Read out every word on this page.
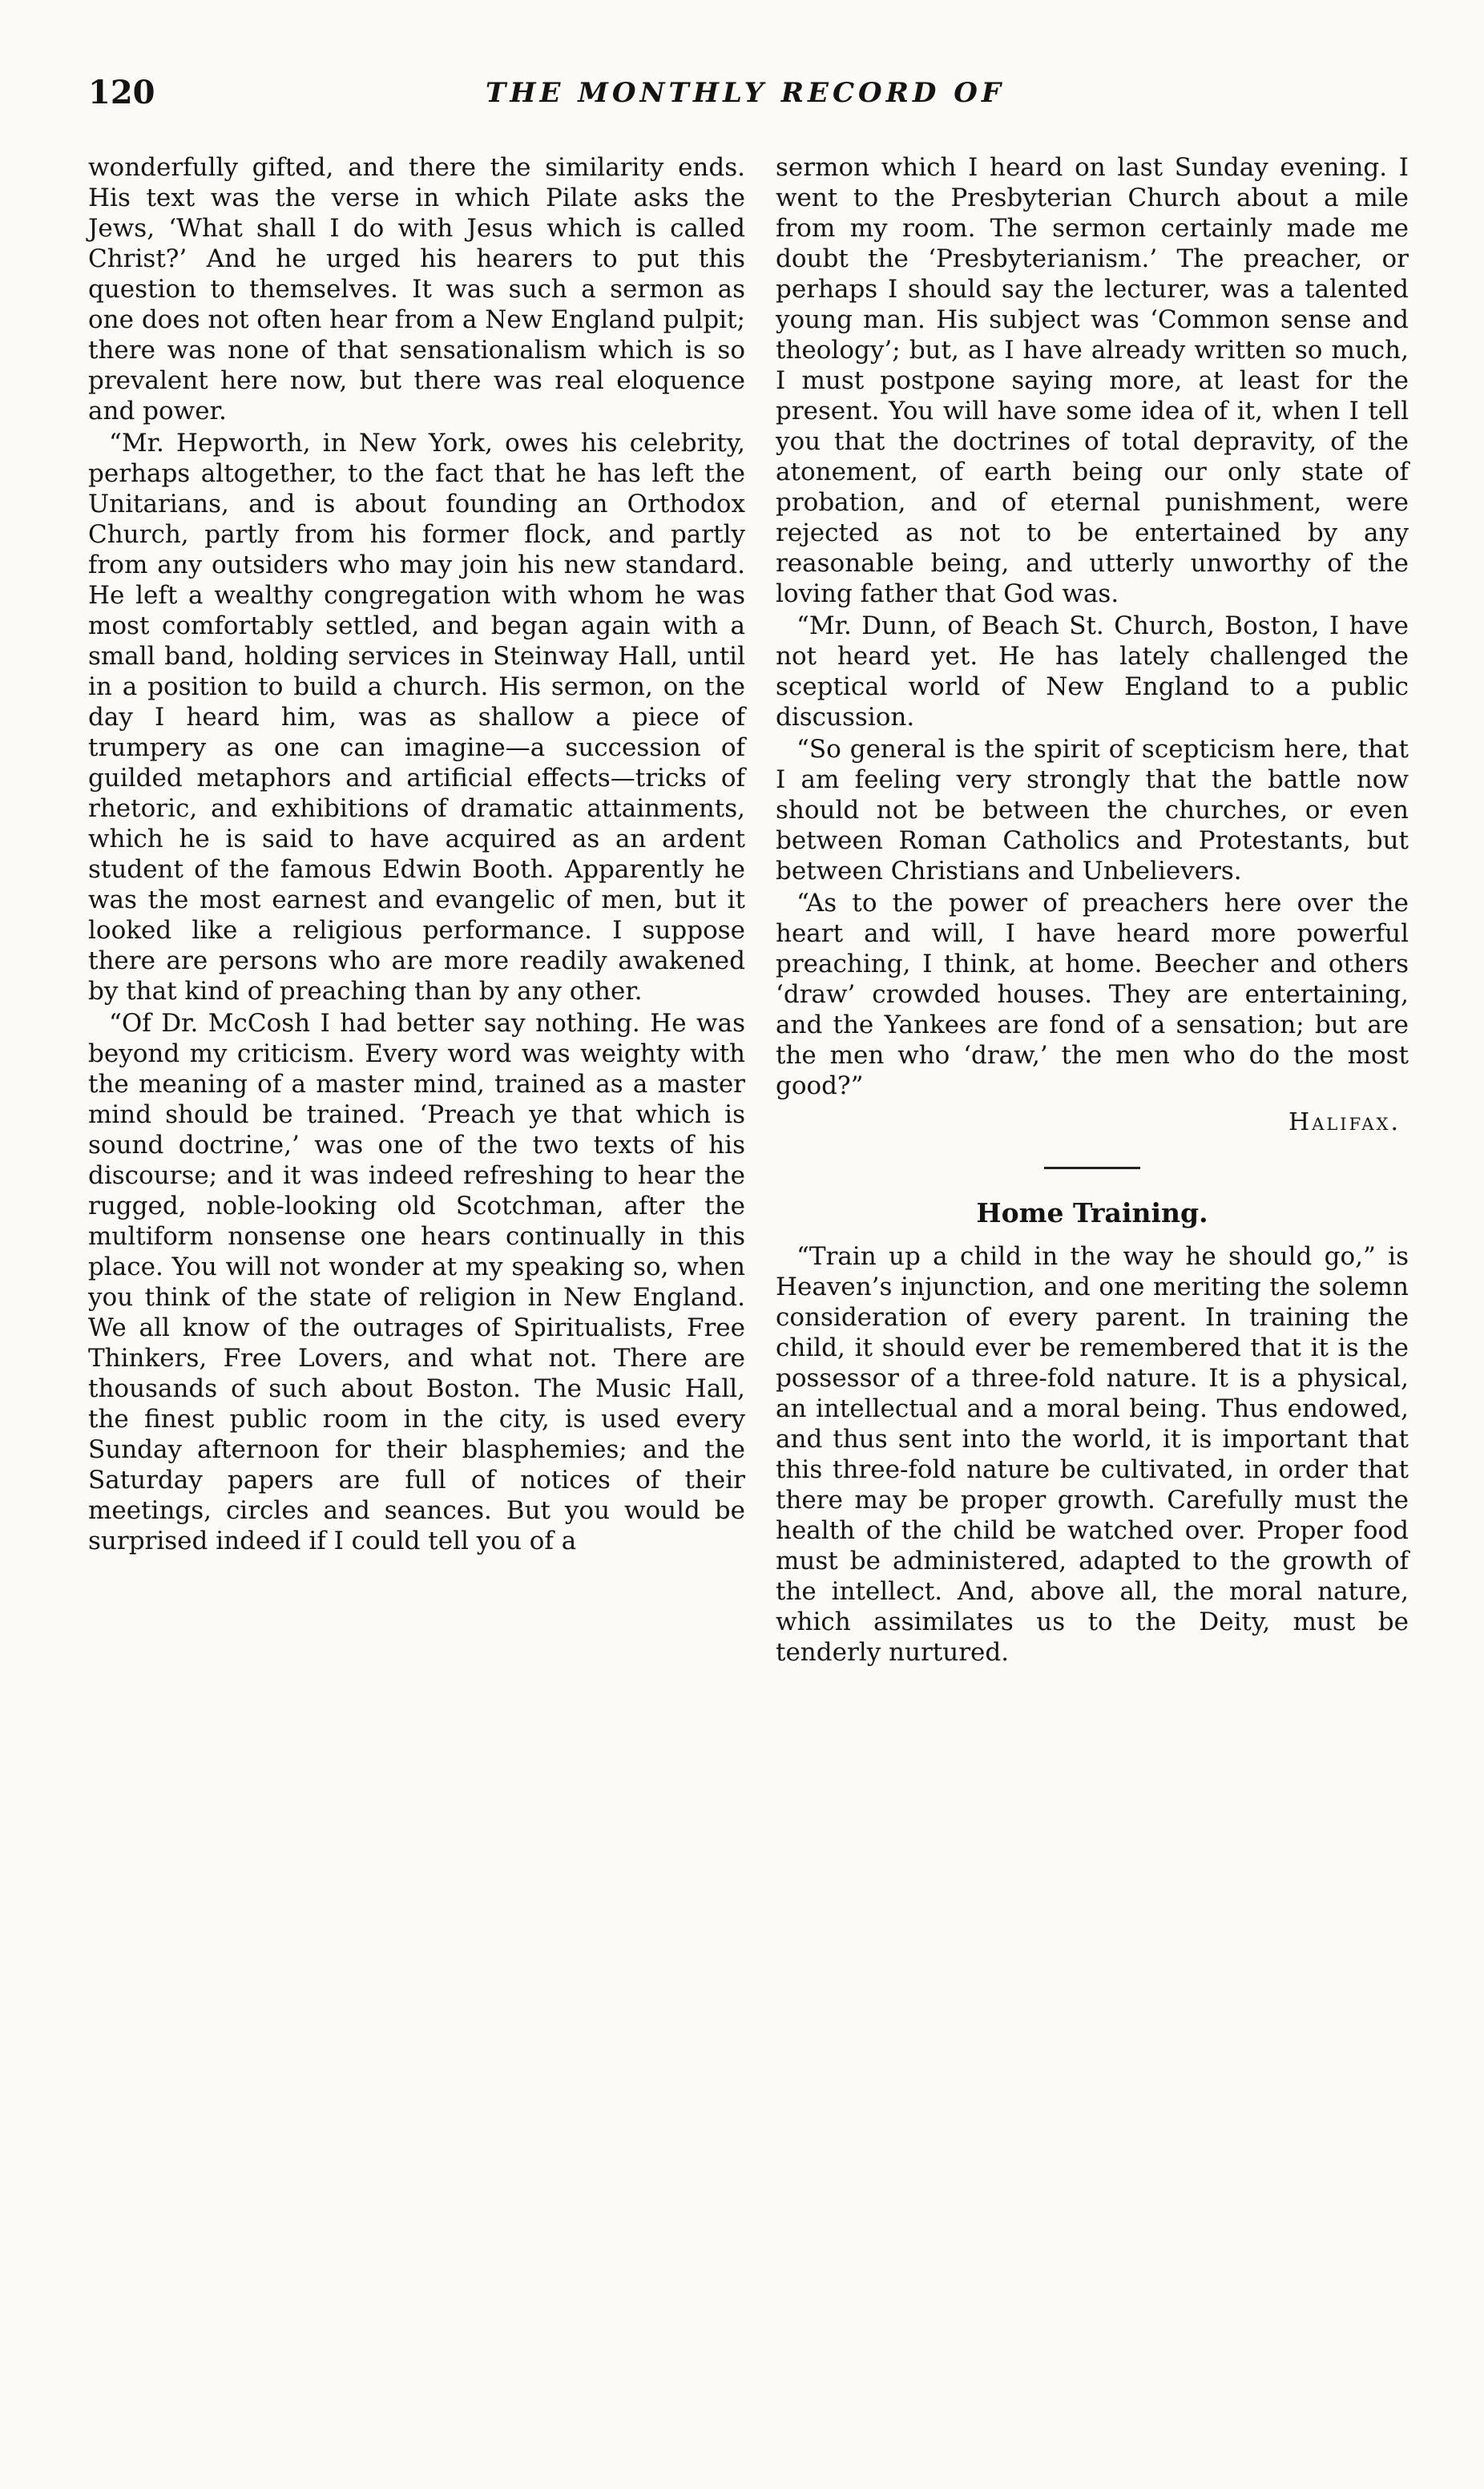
120	THE MONTHLY RECORD OF

wonderfully gifted, and there the similarity ends. His text was the verse in which Pilate asks the Jews, ‘What shall I do with Jesus which is called Christ?’ And he urged his hearers to put this question to themselves. It was such a sermon as one does not often hear from a New England pulpit; there was none of that sensationalism which is so prevalent here now, but there was real eloquence and power.

“Mr. Hepworth, in New York, owes his celebrity, perhaps altogether, to the fact that he has left the Unitarians, and is about founding an Orthodox Church, partly from his former flock, and partly from any outsiders who may join his new standard. He left a wealthy congregation with whom he was most comfortably settled, and began again with a small band, holding services in Steinway Hall, until in a position to build a church. His sermon, on the day I heard him, was as shallow a piece of trumpery as one can imagine—a succession of guilded metaphors and artificial effects—tricks of rhetoric, and exhibitions of dramatic attainments, which he is said to have acquired as an ardent student of the famous Edwin Booth. Apparently he was the most earnest and evangelic of men, but it looked like a religious performance. I suppose there are persons who are more readily awakened by that kind of preaching than by any other.

“Of Dr. McCosh I had better say nothing. He was beyond my criticism. Every word was weighty with the meaning of a master mind, trained as a master mind should be trained. ‘Preach ye that which is sound doctrine,’ was one of the two texts of his discourse; and it was indeed refreshing to hear the rugged, noble-looking old Scotchman, after the multiform nonsense one hears continually in this place. You will not wonder at my speaking so, when you think of the state of religion in New England. We all know of the outrages of Spiritualists, Free Thinkers, Free Lovers, and what not. There are thousands of such about Boston. The Music Hall, the finest public room in the city, is used every Sunday afternoon for their blasphemies; and the Saturday papers are full of notices of their meetings, circles and seances. But you would be surprised indeed if I could tell you of a

sermon which I heard on last Sunday evening. I went to the Presbyterian Church about a mile from my room. The sermon certainly made me doubt the ‘Presbyterianism.’ The preacher, or perhaps I should say the lecturer, was a talented young man. His subject was ‘Common sense and theology’; but, as I have already written so much, I must postpone saying more, at least for the present. You will have some idea of it, when I tell you that the doctrines of total depravity, of the atonement, of earth being our only state of probation, and of eternal punishment, were rejected as not to be entertained by any reasonable being, and utterly unworthy of the loving father that God was.

“Mr. Dunn, of Beach St. Church, Boston, I have not heard yet. He has lately challenged the sceptical world of New England to a public discussion.

“So general is the spirit of scepticism here, that I am feeling very strongly that the battle now should not be between the churches, or even between Roman Catholics and Protestants, but between Christians and Unbelievers.

“As to the power of preachers here over the heart and will, I have heard more powerful preaching, I think, at home. Beecher and others ‘draw’ crowded houses. They are entertaining, and the Yankees are fond of a sensation; but are the men who ‘draw,’ the men who do the most good?”

Halifax.
Home Training.

“Train up a child in the way he should go,” is Heaven’s injunction, and one meriting the solemn consideration of every parent. In training the child, it should ever be remembered that it is the possessor of a three-fold nature. It is a physical, an intellectual and a moral being. Thus endowed, and thus sent into the world, it is important that this three-fold nature be cultivated, in order that there may be proper growth. Carefully must the health of the child be watched over. Proper food must be administered, adapted to the growth of the intellect. And, above all, the moral nature, which assimilates us to the Deity, must be tenderly nurtured.
